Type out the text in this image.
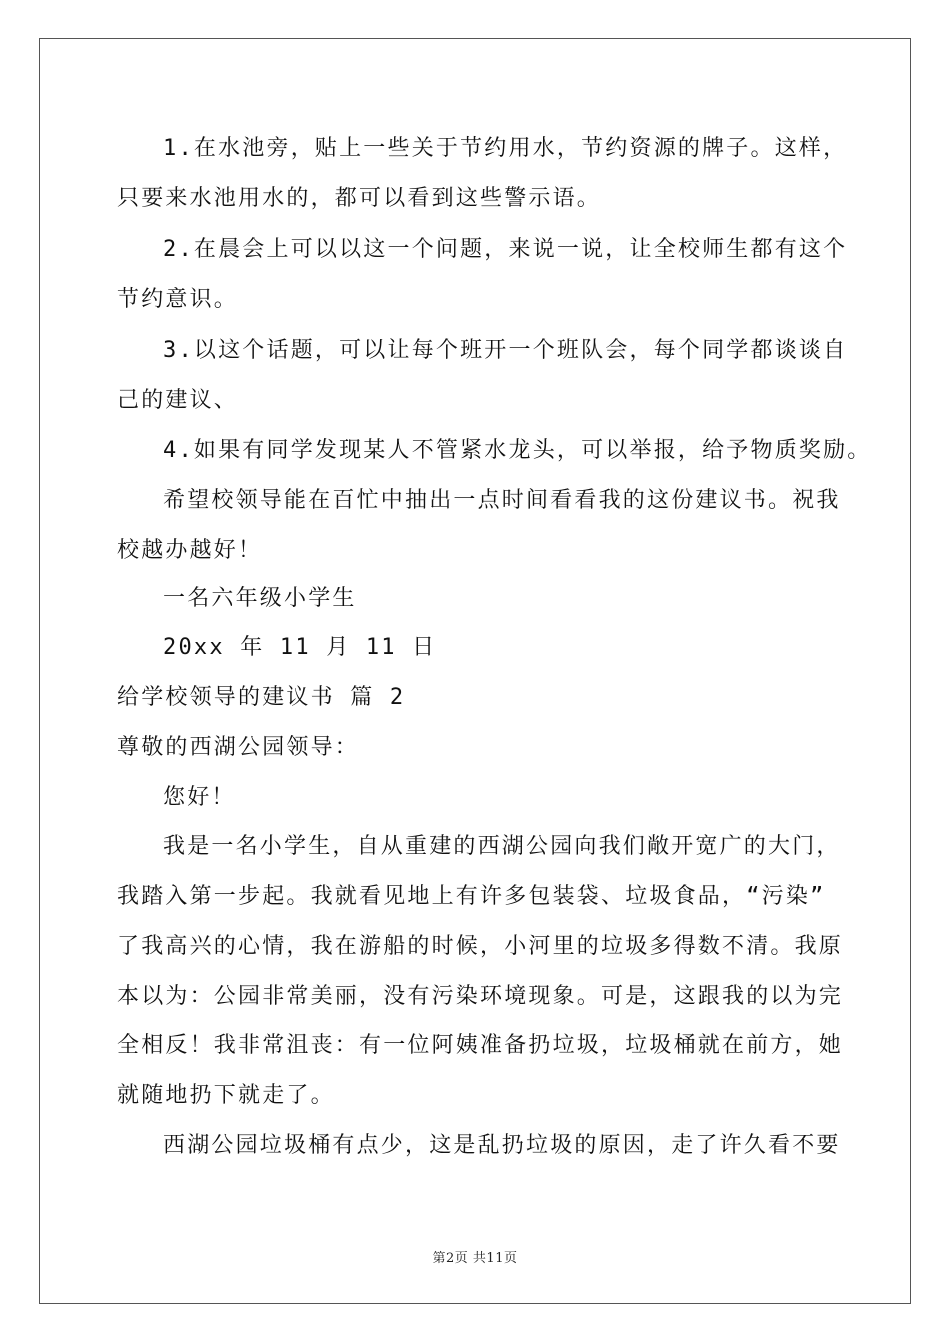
1.在水池旁，贴上一些关于节约用水，节约资源的牌子。这样，
只要来水池用水的，都可以看到这些警示语。
2.在晨会上可以以这一个问题，来说一说，让全校师生都有这个
节约意识。
3.以这个话题，可以让每个班开一个班队会，每个同学都谈谈自
己的建议、
4.如果有同学发现某人不管紧水龙头，可以举报，给予物质奖励。
希望校领导能在百忙中抽出一点时间看看我的这份建议书。祝我
校越办越好！
一名六年级小学生
20xx 年 11 月 11 日
给学校领导的建议书 篇 2
尊敬的西湖公园领导：
您好！
我是一名小学生，自从重建的西湖公园向我们敞开宽广的大门，
我踏入第一步起。我就看见地上有许多包装袋、垃圾食品，“污染”
了我高兴的心情，我在游船的时候，小河里的垃圾多得数不清。我原
本以为：公园非常美丽，没有污染环境现象。可是，这跟我的以为完
全相反！我非常沮丧：有一位阿姨准备扔垃圾，垃圾桶就在前方，她
就随地扔下就走了。
西湖公园垃圾桶有点少，这是乱扔垃圾的原因，走了许久看不要
第2页 共11页
